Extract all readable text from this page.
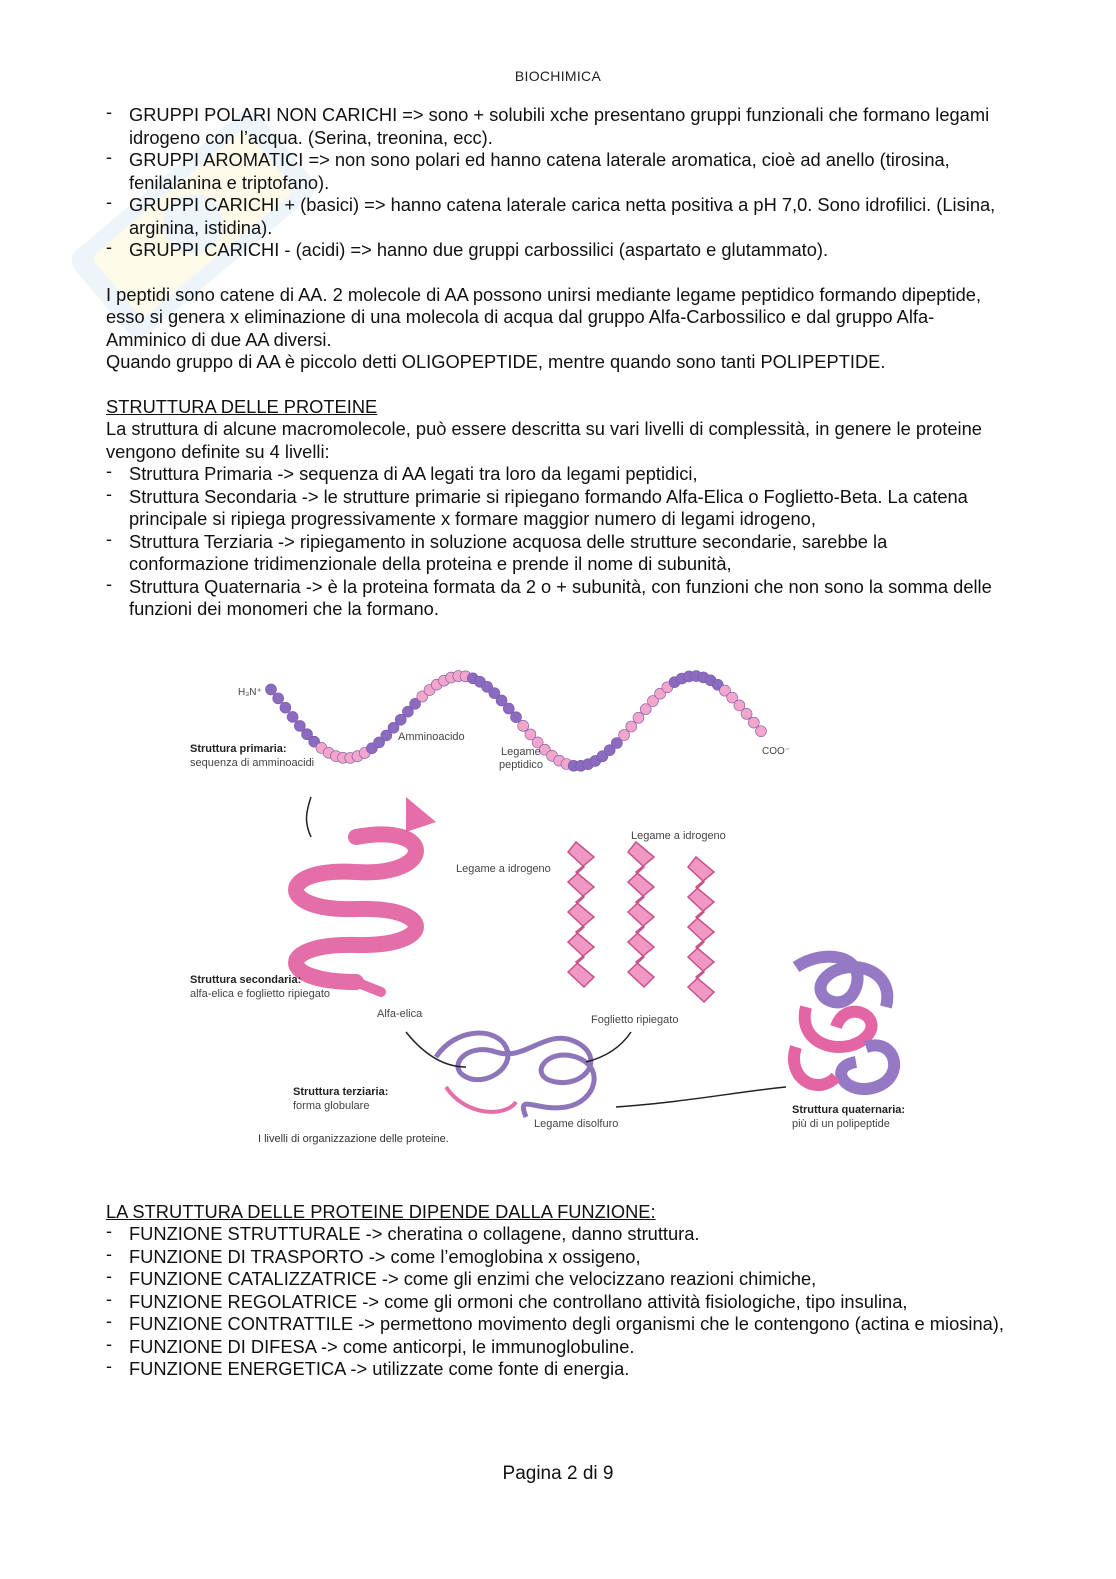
BIOCHIMICA
- GRUPPI POLARI NON CARICHI => sono + solubili xche presentano gruppi funzionali che formano legami idrogeno con l’acqua. (Serina, treonina, ecc).
- GRUPPI AROMATICI => non sono polari ed hanno catena laterale aromatica, cioè ad anello (tirosina, fenilalanina e triptofano).
- GRUPPI CARICHI + (basici) => hanno catena laterale carica netta positiva a pH 7,0. Sono idrofilici. (Lisina, arginina, istidina).
- GRUPPI CARICHI - (acidi) => hanno due gruppi carbossilici (aspartato e glutammato).

I peptidi sono catene di AA. 2 molecole di AA possono unirsi mediante legame peptidico formando dipeptide, esso si genera x eliminazione di una molecola di acqua dal gruppo Alfa-Carbossilico e dal gruppo Alfa-Amminico di due AA diversi.

Quando gruppo di AA è piccolo detti OLIGOPEPTIDE, mentre quando sono tanti POLIPEPTIDE.

STRUTTURA DELLE PROTEINE

La struttura di alcune macromolecole, può essere descritta su vari livelli di complessità, in genere le proteine vengono definite su 4 livelli:

- Struttura Primaria -> sequenza di AA legati tra loro da legami peptidici,
- Struttura Secondaria -> le strutture primarie si ripiegano formando Alfa-Elica o Foglietto-Beta. La catena principale si ripiega progressivamente x formare maggior numero di legami idrogeno,
- Struttura Terziaria -> ripiegamento in soluzione acquosa delle strutture secondarie, sarebbe la conformazione tridimenzionale della proteina e prende il nome di subunità,
- Struttura Quaternaria -> è la proteina formata da 2 o + subunità, con funzioni che non sono la somma delle funzioni dei monomeri che la formano.
H₃N⁺
COO⁻
Amminoacido
Legame
peptidico
Struttura primaria:
sequenza di amminoacidi
Legame a idrogeno
Legame a idrogeno
Struttura secondaria:
alfa-elica e foglietto ripiegato
Alfa-elica	Foglietto ripiegato
Struttura terziaria:
forma globulare
Legame disolfuro
Struttura quaternaria:
più di un polipeptide
I livelli di organizzazione delle proteine.

LA STRUTTURA DELLE PROTEINE DIPENDE DALLA FUNZIONE:

- FUNZIONE STRUTTURALE -> cheratina o collagene, danno struttura.
- FUNZIONE DI TRASPORTO -> come l’emoglobina x ossigeno,
- FUNZIONE CATALIZZATRICE -> come gli enzimi che velocizzano reazioni chimiche,
- FUNZIONE REGOLATRICE -> come gli ormoni che controllano attività fisiologiche, tipo insulina,
- FUNZIONE CONTRATTILE -> permettono movimento degli organismi che le contengono (actina e miosina),
- FUNZIONE DI DIFESA -> come anticorpi, le immunoglobuline.
- FUNZIONE ENERGETICA -> utilizzate come fonte di energia.
Pagina 2 di 9
